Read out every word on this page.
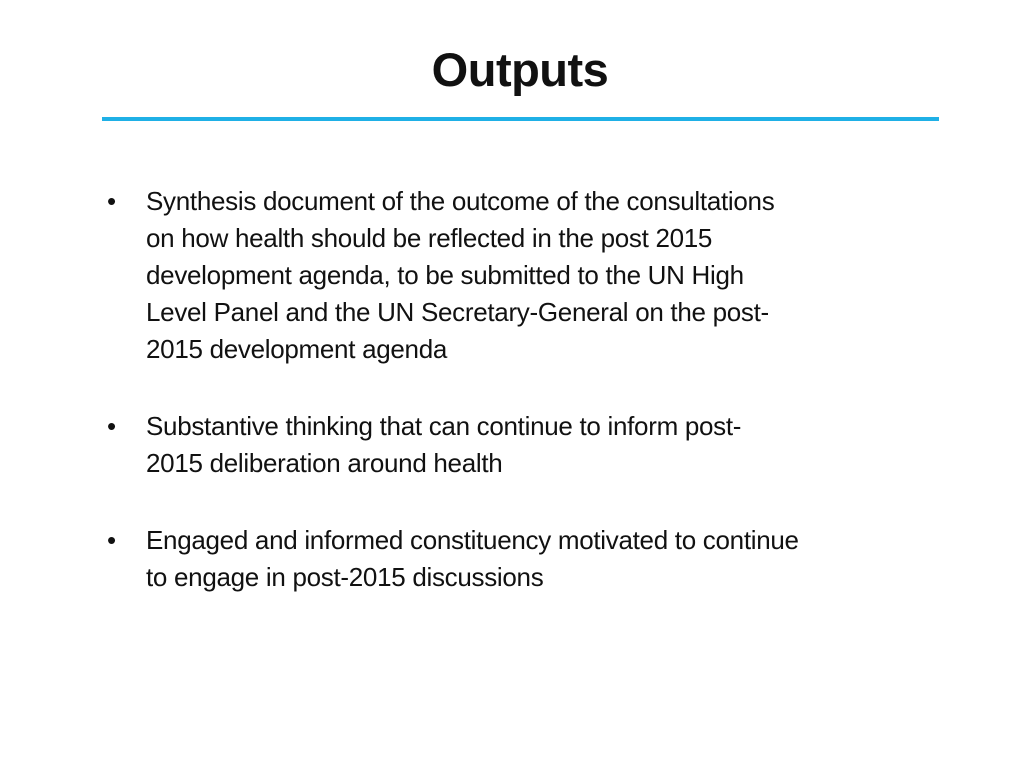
Outputs
• Synthesis document of the outcome of the consultations
on how health should be reflected in the post 2015
development agenda, to be submitted to the UN High
Level Panel and the UN Secretary-General on the post-
2015 development agenda
• Substantive thinking that can continue to inform post-
2015 deliberation around health
• Engaged and informed constituency motivated to continue
to engage in post-2015 discussions
